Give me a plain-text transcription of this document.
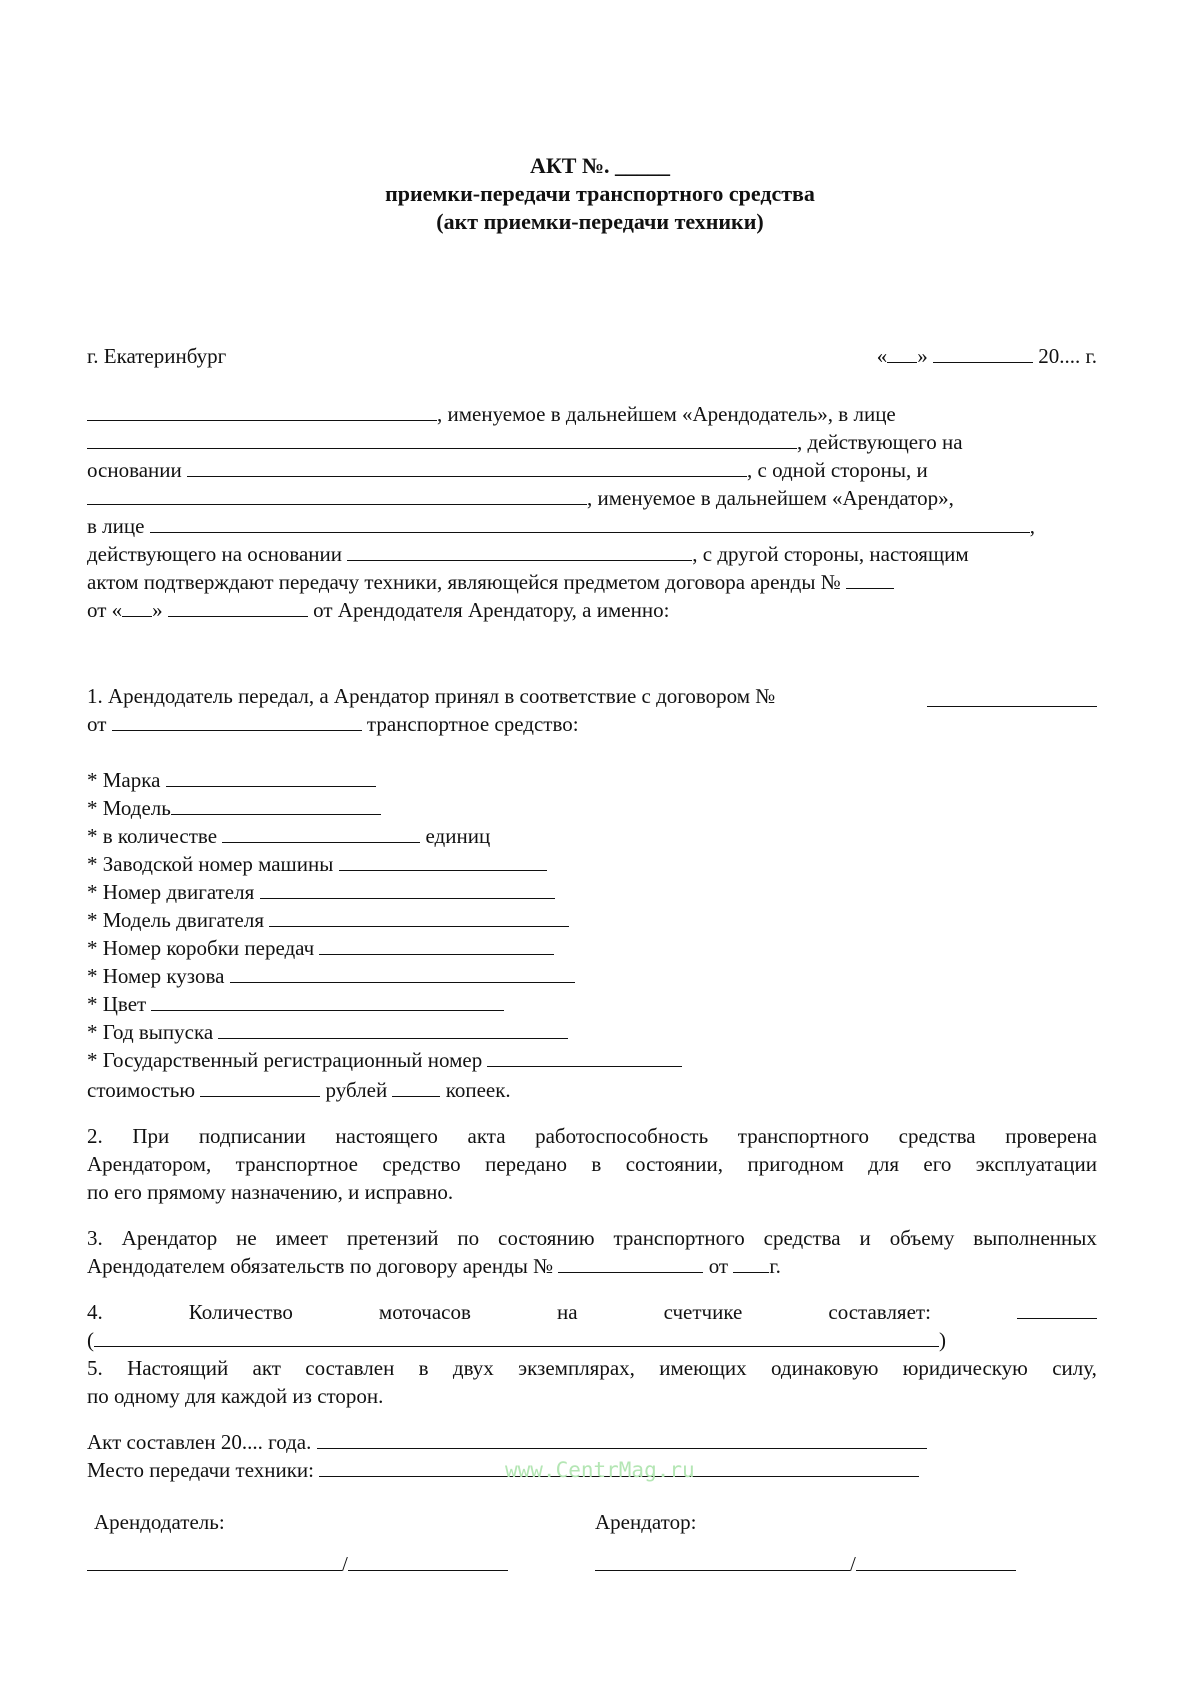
АКТ №. _____
приемки-передачи транспортного средства
(акт приемки-передачи техники)
г. Екатеринбург	« »	20.... г.
, именуемое в дальнейшем «Арендодатель», в лице
, действующего на
основании	, с одной стороны, и
, именуемое в дальнейшем «Арендатор»,
в лице	,
действующего на основании	, с другой стороны, настоящим
актом подтверждают передачу техники, являющейся предметом договора аренды №
от « »	от Арендодателя Арендатору, а именно:
1. Арендодатель передал, а Арендатор принял в соответствие с договором №
от	транспортное средство:
* Марка
* Модель
* в количестве	единиц
* Заводской номер машины
* Номер двигателя
* Модель двигателя
* Номер коробки передач
* Номер кузова
* Цвет
* Год выпуска
* Государственный регистрационный номер
стоимостью	рублей	копеек.
2. При подписании настоящего акта работоспособность транспортного средства проверена
Арендатором, транспортное средство передано в состоянии, пригодном для его эксплуатации
по его прямому назначению, и исправно.
3. Арендатор не имеет претензий по состоянию транспортного средства и объему выполненных
Арендодателем обязательств по договору аренды №	от г.
4.	Количество	моточасов	на	счетчике	составляет:
(	)
5. Настоящий акт составлен в двух экземплярах, имеющих одинаковую юридическую силу,
по одному для каждой из сторон.
Акт составлен 20.... года.
Место передачи техники:	www.CentrMag.ru
Арендодатель:	Арендатор:
/	/
